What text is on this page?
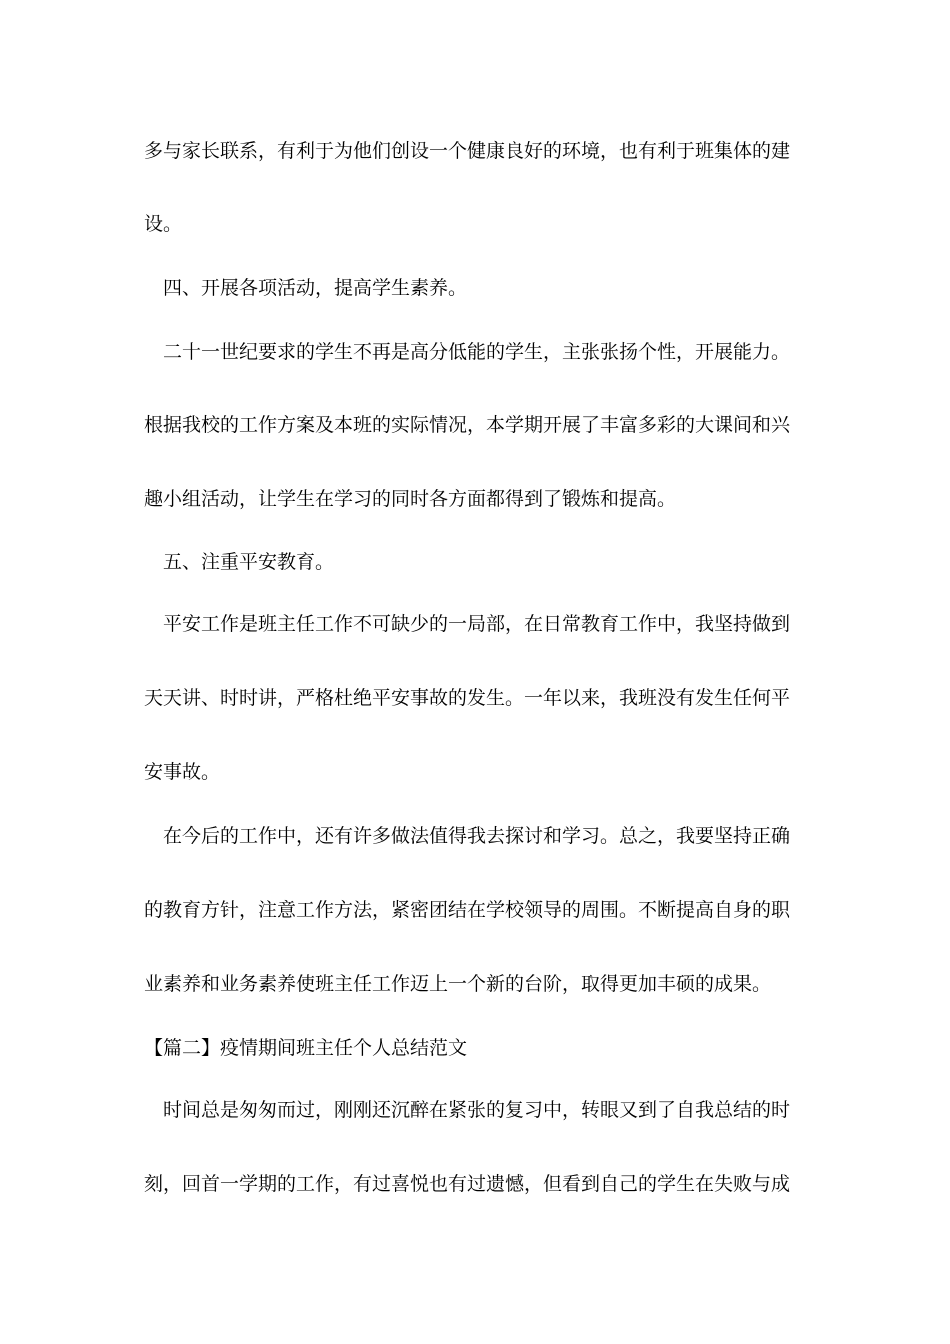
多与家长联系，有利于为他们创设一个健康良好的环境，也有利于班集体的建
设。
四、开展各项活动，提高学生素养。
二十一世纪要求的学生不再是高分低能的学生，主张张扬个性，开展能力。
根据我校的工作方案及本班的实际情况，本学期开展了丰富多彩的大课间和兴
趣小组活动，让学生在学习的同时各方面都得到了锻炼和提高。
五、注重平安教育。
平安工作是班主任工作不可缺少的一局部，在日常教育工作中，我坚持做到
天天讲、时时讲，严格杜绝平安事故的发生。一年以来，我班没有发生任何平
安事故。
在今后的工作中，还有许多做法值得我去探讨和学习。总之，我要坚持正确
的教育方针，注意工作方法，紧密团结在学校领导的周围。不断提高自身的职
业素养和业务素养使班主任工作迈上一个新的台阶，取得更加丰硕的成果。
【篇二】疫情期间班主任个人总结范文
时间总是匆匆而过，刚刚还沉醉在紧张的复习中，转眼又到了自我总结的时
刻，回首一学期的工作，有过喜悦也有过遗憾，但看到自己的学生在失败与成
